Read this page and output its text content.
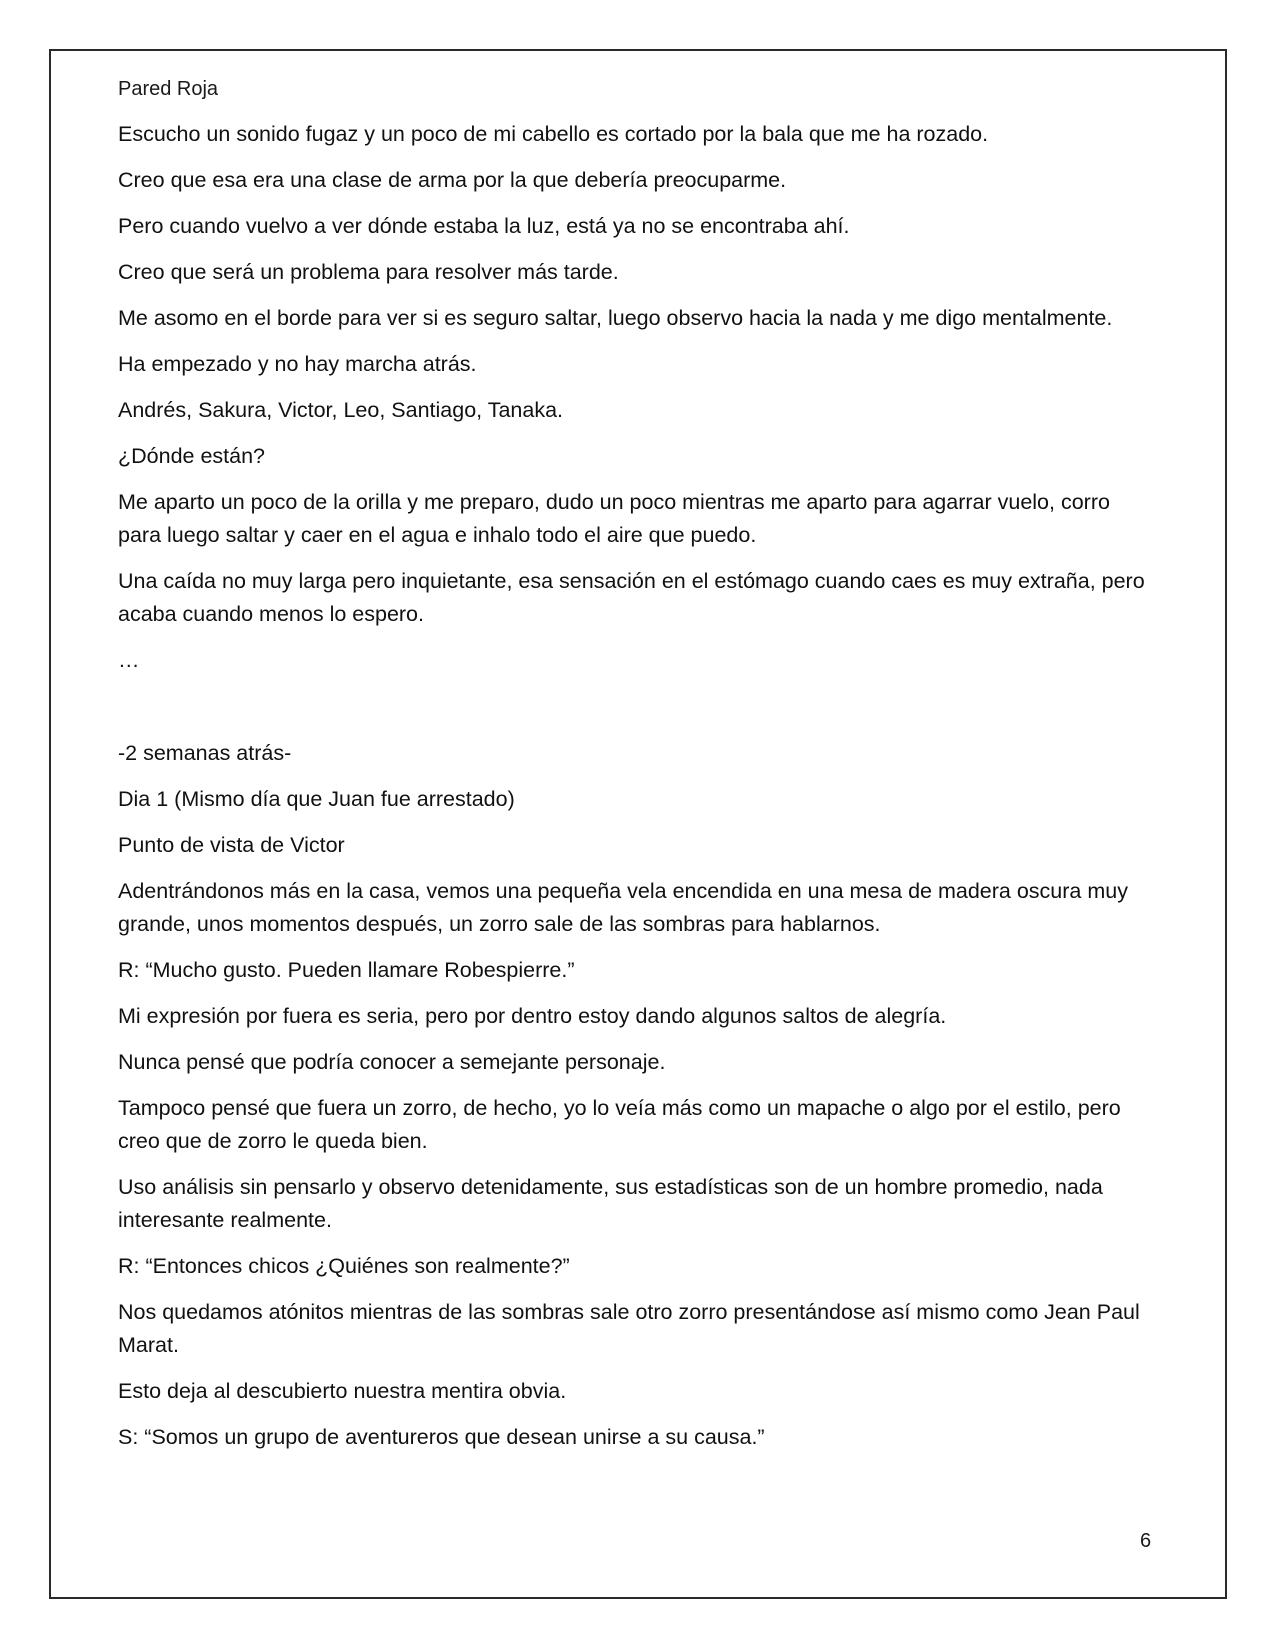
Pared Roja

Escucho un sonido fugaz y un poco de mi cabello es cortado por la bala que me ha rozado.

Creo que esa era una clase de arma por la que debería preocuparme.

Pero cuando vuelvo a ver dónde estaba la luz, está ya no se encontraba ahí.

Creo que será un problema para resolver más tarde.

Me asomo en el borde para ver si es seguro saltar, luego observo hacia la nada y me digo mentalmente.

Ha empezado y no hay marcha atrás.

Andrés, Sakura, Victor, Leo, Santiago, Tanaka.

¿Dónde están?

Me aparto un poco de la orilla y me preparo, dudo un poco mientras me aparto para agarrar vuelo, corro para luego saltar y caer en el agua e inhalo todo el aire que puedo.

Una caída no muy larga pero inquietante, esa sensación en el estómago cuando caes es muy extraña, pero acaba cuando menos lo espero.

…

-2 semanas atrás-

Dia 1 (Mismo día que Juan fue arrestado)

Punto de vista de Victor

Adentrándonos más en la casa, vemos una pequeña vela encendida en una mesa de madera oscura muy grande, unos momentos después, un zorro sale de las sombras para hablarnos.

R: “Mucho gusto. Pueden llamare Robespierre.”

Mi expresión por fuera es seria, pero por dentro estoy dando algunos saltos de alegría.

Nunca pensé que podría conocer a semejante personaje.

Tampoco pensé que fuera un zorro, de hecho, yo lo veía más como un mapache o algo por el estilo, pero creo que de zorro le queda bien.

Uso análisis sin pensarlo y observo detenidamente, sus estadísticas son de un hombre promedio, nada interesante realmente.

R: “Entonces chicos ¿Quiénes son realmente?”

Nos quedamos atónitos mientras de las sombras sale otro zorro presentándose así mismo como Jean Paul Marat.

Esto deja al descubierto nuestra mentira obvia.

S: “Somos un grupo de aventureros que desean unirse a su causa.”

6
